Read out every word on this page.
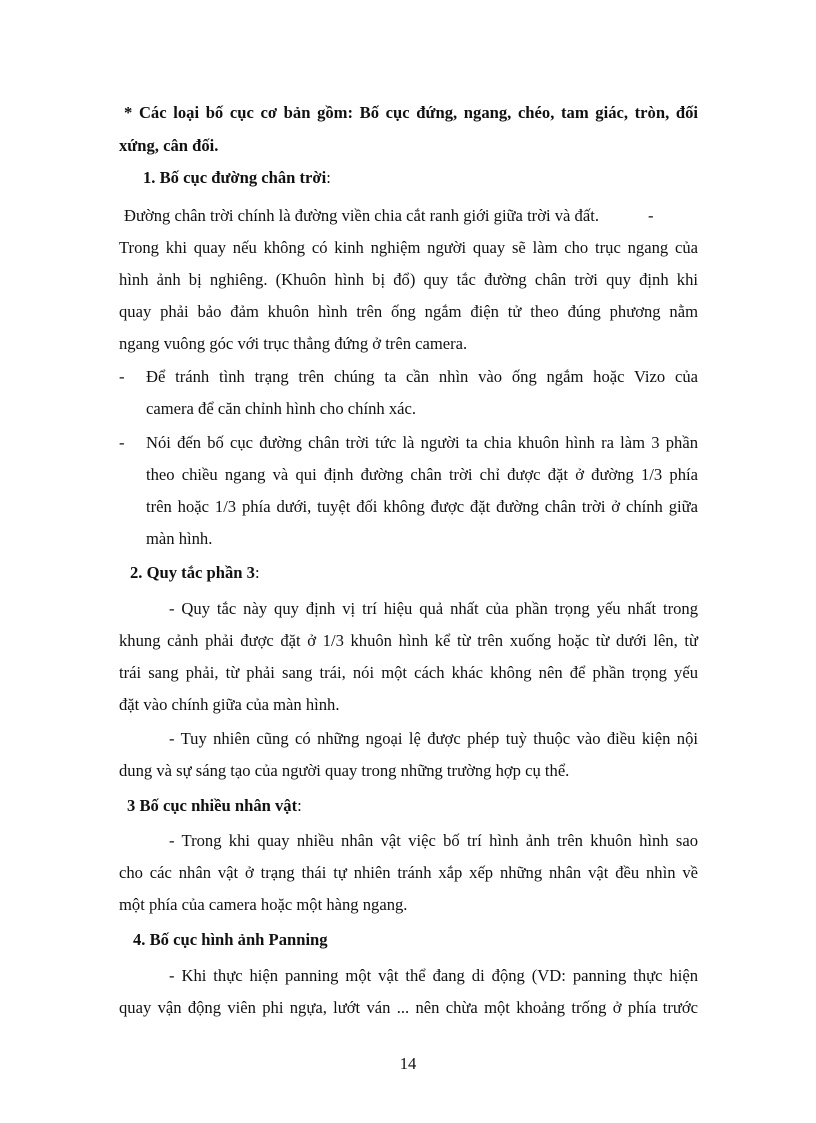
* Các loại bố cục cơ bản gồm: Bố cục đứng, ngang, chéo, tam giác, tròn, đối
xứng, cân đối.
1. Bố cục đường chân trời:
Đường chân trời chính là đường viền chia cắt ranh giới giữa trời và đất.	-
Trong khi quay nếu không có kinh nghiệm người quay sẽ làm cho trục ngang của
hình ảnh bị nghiêng. (Khuôn hình bị đổ) quy tắc đường chân trời quy định khi
quay phải bảo đảm khuôn hình trên ống ngắm điện tử theo đúng phương nằm
ngang vuông góc với trục thẳng đứng ở trên camera.
- Để tránh tình trạng trên chúng ta cần nhìn vào ống ngắm hoặc Vizo của
camera để căn chỉnh hình cho chính xác.
- Nói đến bố cục đường chân trời tức là người ta chia khuôn hình ra làm 3 phần
theo chiều ngang và qui định đường chân trời chỉ được đặt ở đường 1/3 phía
trên hoặc 1/3 phía dưới, tuyệt đối không được đặt đường chân trời ở chính giữa
màn hình.
2. Quy tắc phần 3:
- Quy tắc này quy định vị trí hiệu quả nhất của phần trọng yếu nhất trong
khung cảnh phải được đặt ở 1/3 khuôn hình kể từ trên xuống hoặc từ dưới lên, từ
trái sang phải, từ phải sang trái, nói một cách khác không nên để phần trọng yếu
đặt vào chính giữa của màn hình.
- Tuy nhiên cũng có những ngoại lệ được phép tuỳ thuộc vào điều kiện nội
dung và sự sáng tạo của người quay trong những trường hợp cụ thể.
3 Bố cục nhiều nhân vật:
- Trong khi quay nhiều nhân vật việc bố trí hình ảnh trên khuôn hình sao
cho các nhân vật ở trạng thái tự nhiên tránh xắp xếp những nhân vật đều nhìn về
một phía của camera hoặc một hàng ngang.
4. Bố cục hình ảnh Panning
- Khi thực hiện panning một vật thể đang di động (VD: panning thực hiện
quay vận động viên phi ngựa, lướt ván ... nên chừa một khoảng trống ở phía trước
14
